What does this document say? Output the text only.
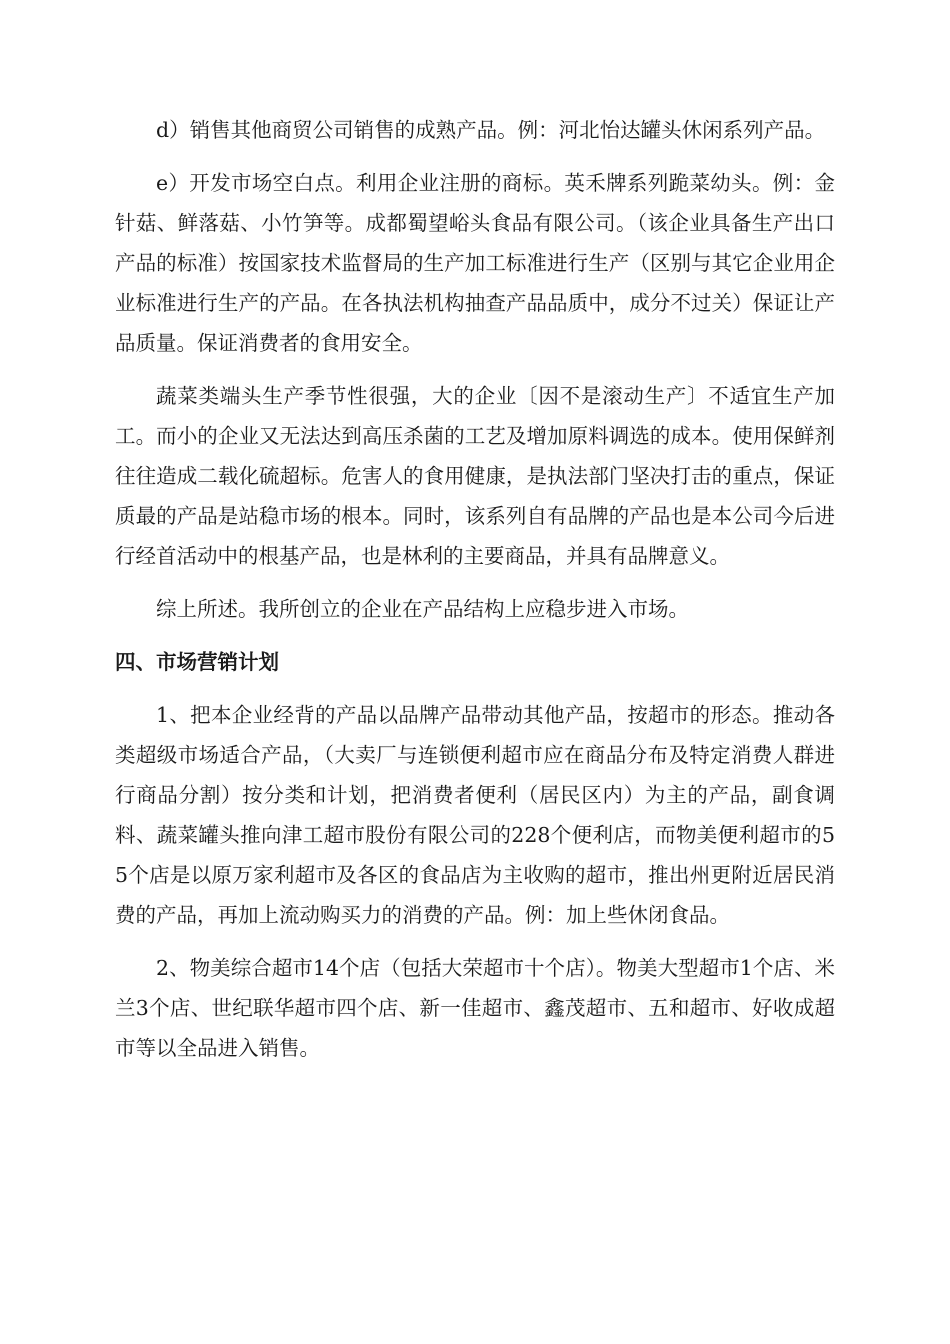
d）销售其他商贸公司销售的成熟产品。例：河北怡达罐头休闲系列产品。

e）开发市场空白点。利用企业注册的商标。英禾牌系列跪菜幼头。例：金针菇、鲜落菇、小竹笋等。成都蜀望峪头食品有限公司。（该企业具备生产出口产品的标准）按国家技术监督局的生产加工标准进行生产（区别与其它企业用企业标准进行生产的产品。在各执法机构抽查产品品质中，成分不过关）保证让产品质量。保证消费者的食用安全。

蔬菜类端头生产季节性很强，大的企业〔因不是滚动生产〕不适宜生产加工。而小的企业又无法达到高压杀菌的工艺及增加原料调选的成本。使用保鲜剂往往造成二载化硫超标。危害人的食用健康，是执法部门坚决打击的重点，保证质最的产品是站稳市场的根本。同时，该系列自有品牌的产品也是本公司今后进行经首活动中的根基产品，也是林利的主要商品，并具有品牌意义。

综上所述。我所创立的企业在产品结构上应稳步进入市场。

四、市场营销计划

1、把本企业经背的产品以品牌产品带动其他产品，按超市的形态。推动各类超级市场适合产品，（大卖厂与连锁便利超市应在商品分布及特定消费人群进行商品分割）按分类和计划，把消费者便利（居民区内）为主的产品，副食调料、蔬菜罐头推向津工超市股份有限公司的228个便利店，而物美便利超市的55个店是以原万家利超市及各区的食品店为主收购的超市，推出州更附近居民消费的产品，再加上流动购买力的消费的产品。例：加上些休闭食品。

2、物美综合超市14个店（包括大荣超市十个店）。物美大型超市1个店、米兰3个店、世纪联华超市四个店、新一佳超市、鑫茂超市、五和超市、好收成超市等以全品进入销售。
